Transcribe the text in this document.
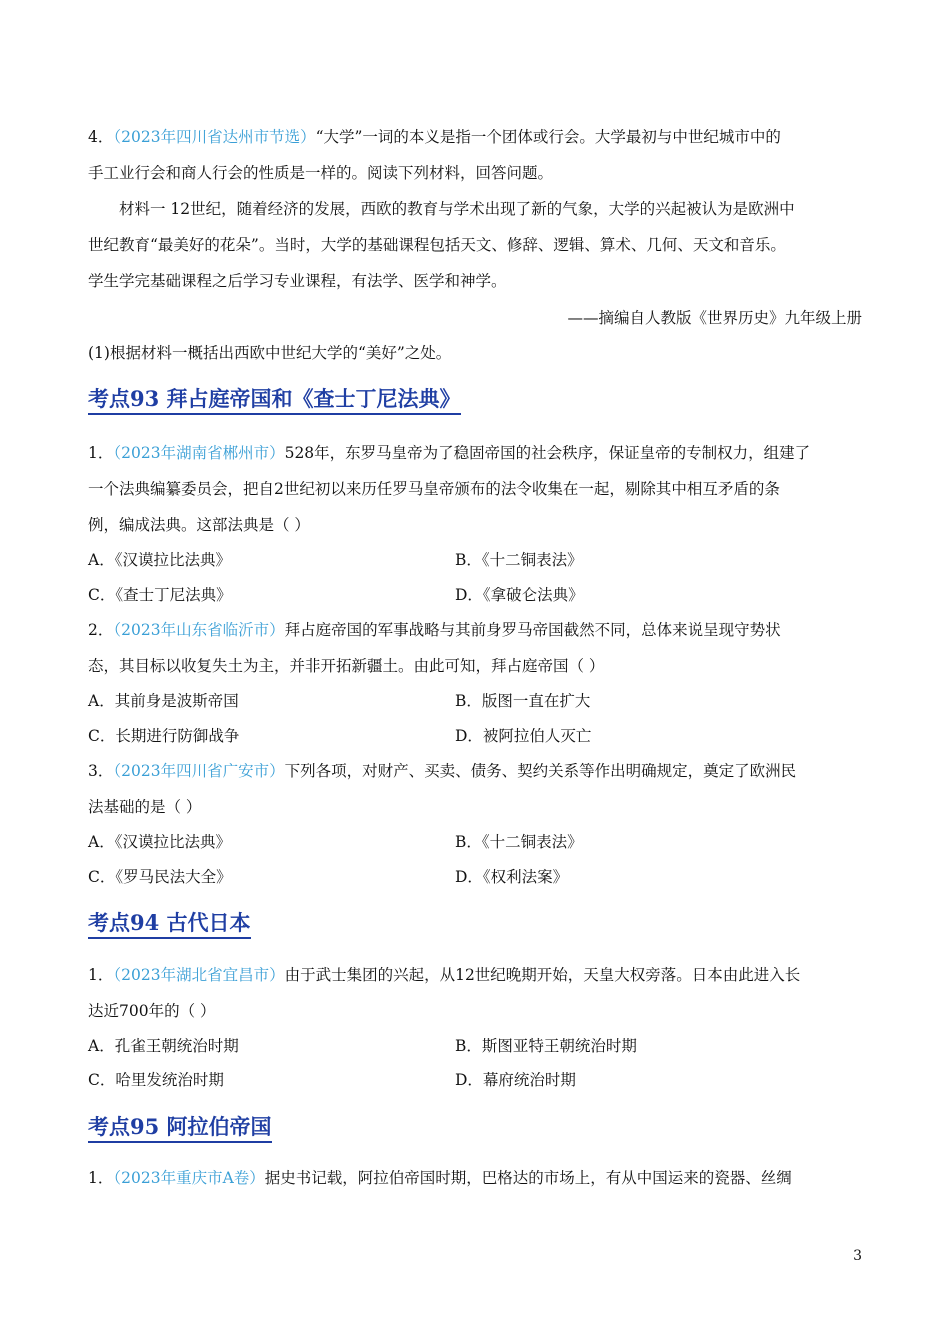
4．（2023年四川省达州市节选）“大学”一词的本义是指一个团体或行会。大学最初与中世纪城市中的
手工业行会和商人行会的性质是一样的。阅读下列材料，回答问题。
材料一 12世纪，随着经济的发展，西欧的教育与学术出现了新的气象，大学的兴起被认为是欧洲中
世纪教育“最美好的花朵”。当时，大学的基础课程包括天文、修辞、逻辑、算术、几何、天文和音乐。
学生学完基础课程之后学习专业课程，有法学、医学和神学。
——摘编自人教版《世界历史》九年级上册
(1)根据材料一概括出西欧中世纪大学的“美好”之处。
考点93 拜占庭帝国和《查士丁尼法典》
1．（2023年湖南省郴州市）528年，东罗马皇帝为了稳固帝国的社会秩序，保证皇帝的专制权力，组建了
一个法典编纂委员会，把自2世纪初以来历任罗马皇帝颁布的法令收集在一起，剔除其中相互矛盾的条
例，编成法典。这部法典是（ ）
A．《汉谟拉比法典》	B．《十二铜表法》
C．《查士丁尼法典》	D．《拿破仑法典》
2．（2023年山东省临沂市）拜占庭帝国的军事战略与其前身罗马帝国截然不同，总体来说呈现守势状
态，其目标以收复失土为主，并非开拓新疆土。由此可知，拜占庭帝国（ ）
A．其前身是波斯帝国	B．版图一直在扩大
C．长期进行防御战争	D．被阿拉伯人灭亡
3．（2023年四川省广安市）下列各项，对财产、买卖、债务、契约关系等作出明确规定，奠定了欧洲民
法基础的是（ ）
A．《汉谟拉比法典》	B．《十二铜表法》
C．《罗马民法大全》	D．《权利法案》
考点94 古代日本
1．（2023年湖北省宜昌市）由于武士集团的兴起，从12世纪晚期开始，天皇大权旁落。日本由此进入长
达近700年的（ ）
A．孔雀王朝统治时期	B．斯图亚特王朝统治时期
C．哈里发统治时期	D．幕府统治时期
考点95 阿拉伯帝国
1．（2023年重庆市A卷）据史书记载，阿拉伯帝国时期，巴格达的市场上，有从中国运来的瓷器、丝绸
3
